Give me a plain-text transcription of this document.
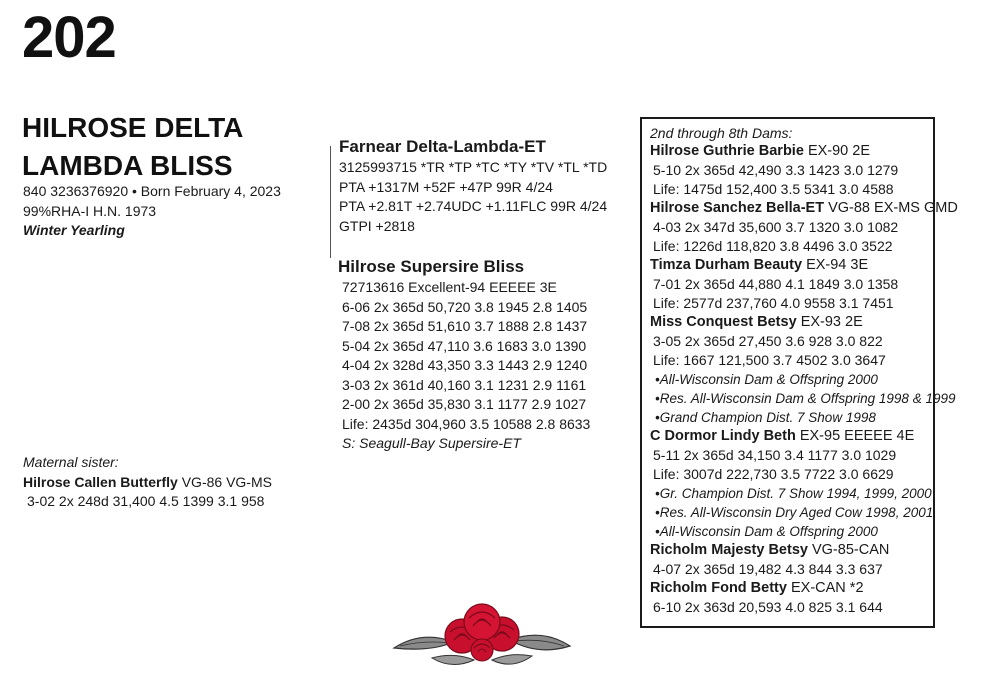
202
HILROSE DELTA
LAMBDA BLISS
840 3236376920 • Born February 4, 2023
99%RHA-I H.N. 1973
Winter Yearling
Maternal sister:
Hilrose Callen Butterfly VG-86 VG-MS
3-02 2x 248d 31,400 4.5 1399 3.1 958
Farnear Delta-Lambda-ET
3125993715 *TR *TP *TC *TY *TV *TL *TD
PTA +1317M +52F +47P 99R 4/24
PTA +2.81T +2.74UDC +1.11FLC 99R 4/24
GTPI +2818
Hilrose Supersire Bliss
72713616 Excellent-94 EEEEE 3E
6-06 2x 365d 50,720 3.8 1945 2.8 1405
7-08 2x 365d 51,610 3.7 1888 2.8 1437
5-04 2x 365d 47,110 3.6 1683 3.0 1390
4-04 2x 328d 43,350 3.3 1443 2.9 1240
3-03 2x 361d 40,160 3.1 1231 2.9 1161
2-00 2x 365d 35,830 3.1 1177 2.9 1027
Life: 2435d 304,960 3.5 10588 2.8 8633
S: Seagull-Bay Supersire-ET
2nd through 8th Dams:
Hilrose Guthrie Barbie EX-90 2E
5-10 2x 365d 42,490 3.3 1423 3.0 1279
Life: 1475d 152,400 3.5 5341 3.0 4588
Hilrose Sanchez Bella-ET VG-88 EX-MS GMD
4-03 2x 347d 35,600 3.7 1320 3.0 1082
Life: 1226d 118,820 3.8 4496 3.0 3522
Timza Durham Beauty EX-94 3E
7-01 2x 365d 44,880 4.1 1849 3.0 1358
Life: 2577d 237,760 4.0 9558 3.1 7451
Miss Conquest Betsy EX-93 2E
3-05 2x 365d 27,450 3.6 928 3.0 822
Life: 1667 121,500 3.7 4502 3.0 3647
•All-Wisconsin Dam & Offspring 2000
•Res. All-Wisconsin Dam & Offspring 1998 & 1999
•Grand Champion Dist. 7 Show 1998
C Dormor Lindy Beth EX-95 EEEEE 4E
5-11 2x 365d 34,150 3.4 1177 3.0 1029
Life: 3007d 222,730 3.5 7722 3.0 6629
•Gr. Champion Dist. 7 Show 1994, 1999, 2000
•Res. All-Wisconsin Dry Aged Cow 1998, 2001
•All-Wisconsin Dam & Offspring 2000
Richolm Majesty Betsy VG-85-CAN
4-07 2x 365d 19,482 4.3 844 3.3 637
Richolm Fond Betty EX-CAN *2
6-10 2x 363d 20,593 4.0 825 3.1 644
